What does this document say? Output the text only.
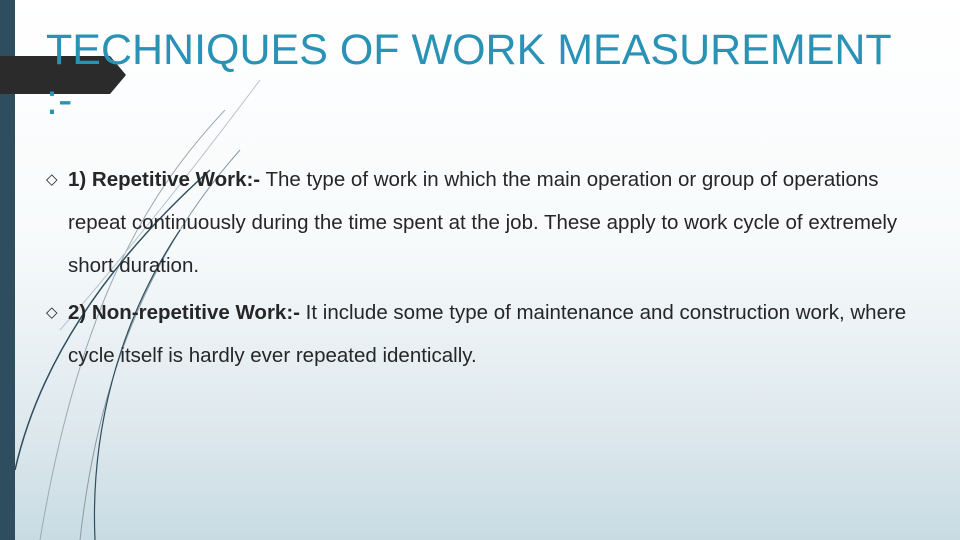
TECHNIQUES OF WORK MEASUREMENT
:-
◇ 1) Repetitive Work:- The type of work in which the main operation or group of operations repeat continuously during the time spent at the job. These apply to work cycle of extremely short duration.
◇ 2) Non-repetitive Work:- It include some type of maintenance and construction work, where cycle itself is hardly ever repeated identically.
